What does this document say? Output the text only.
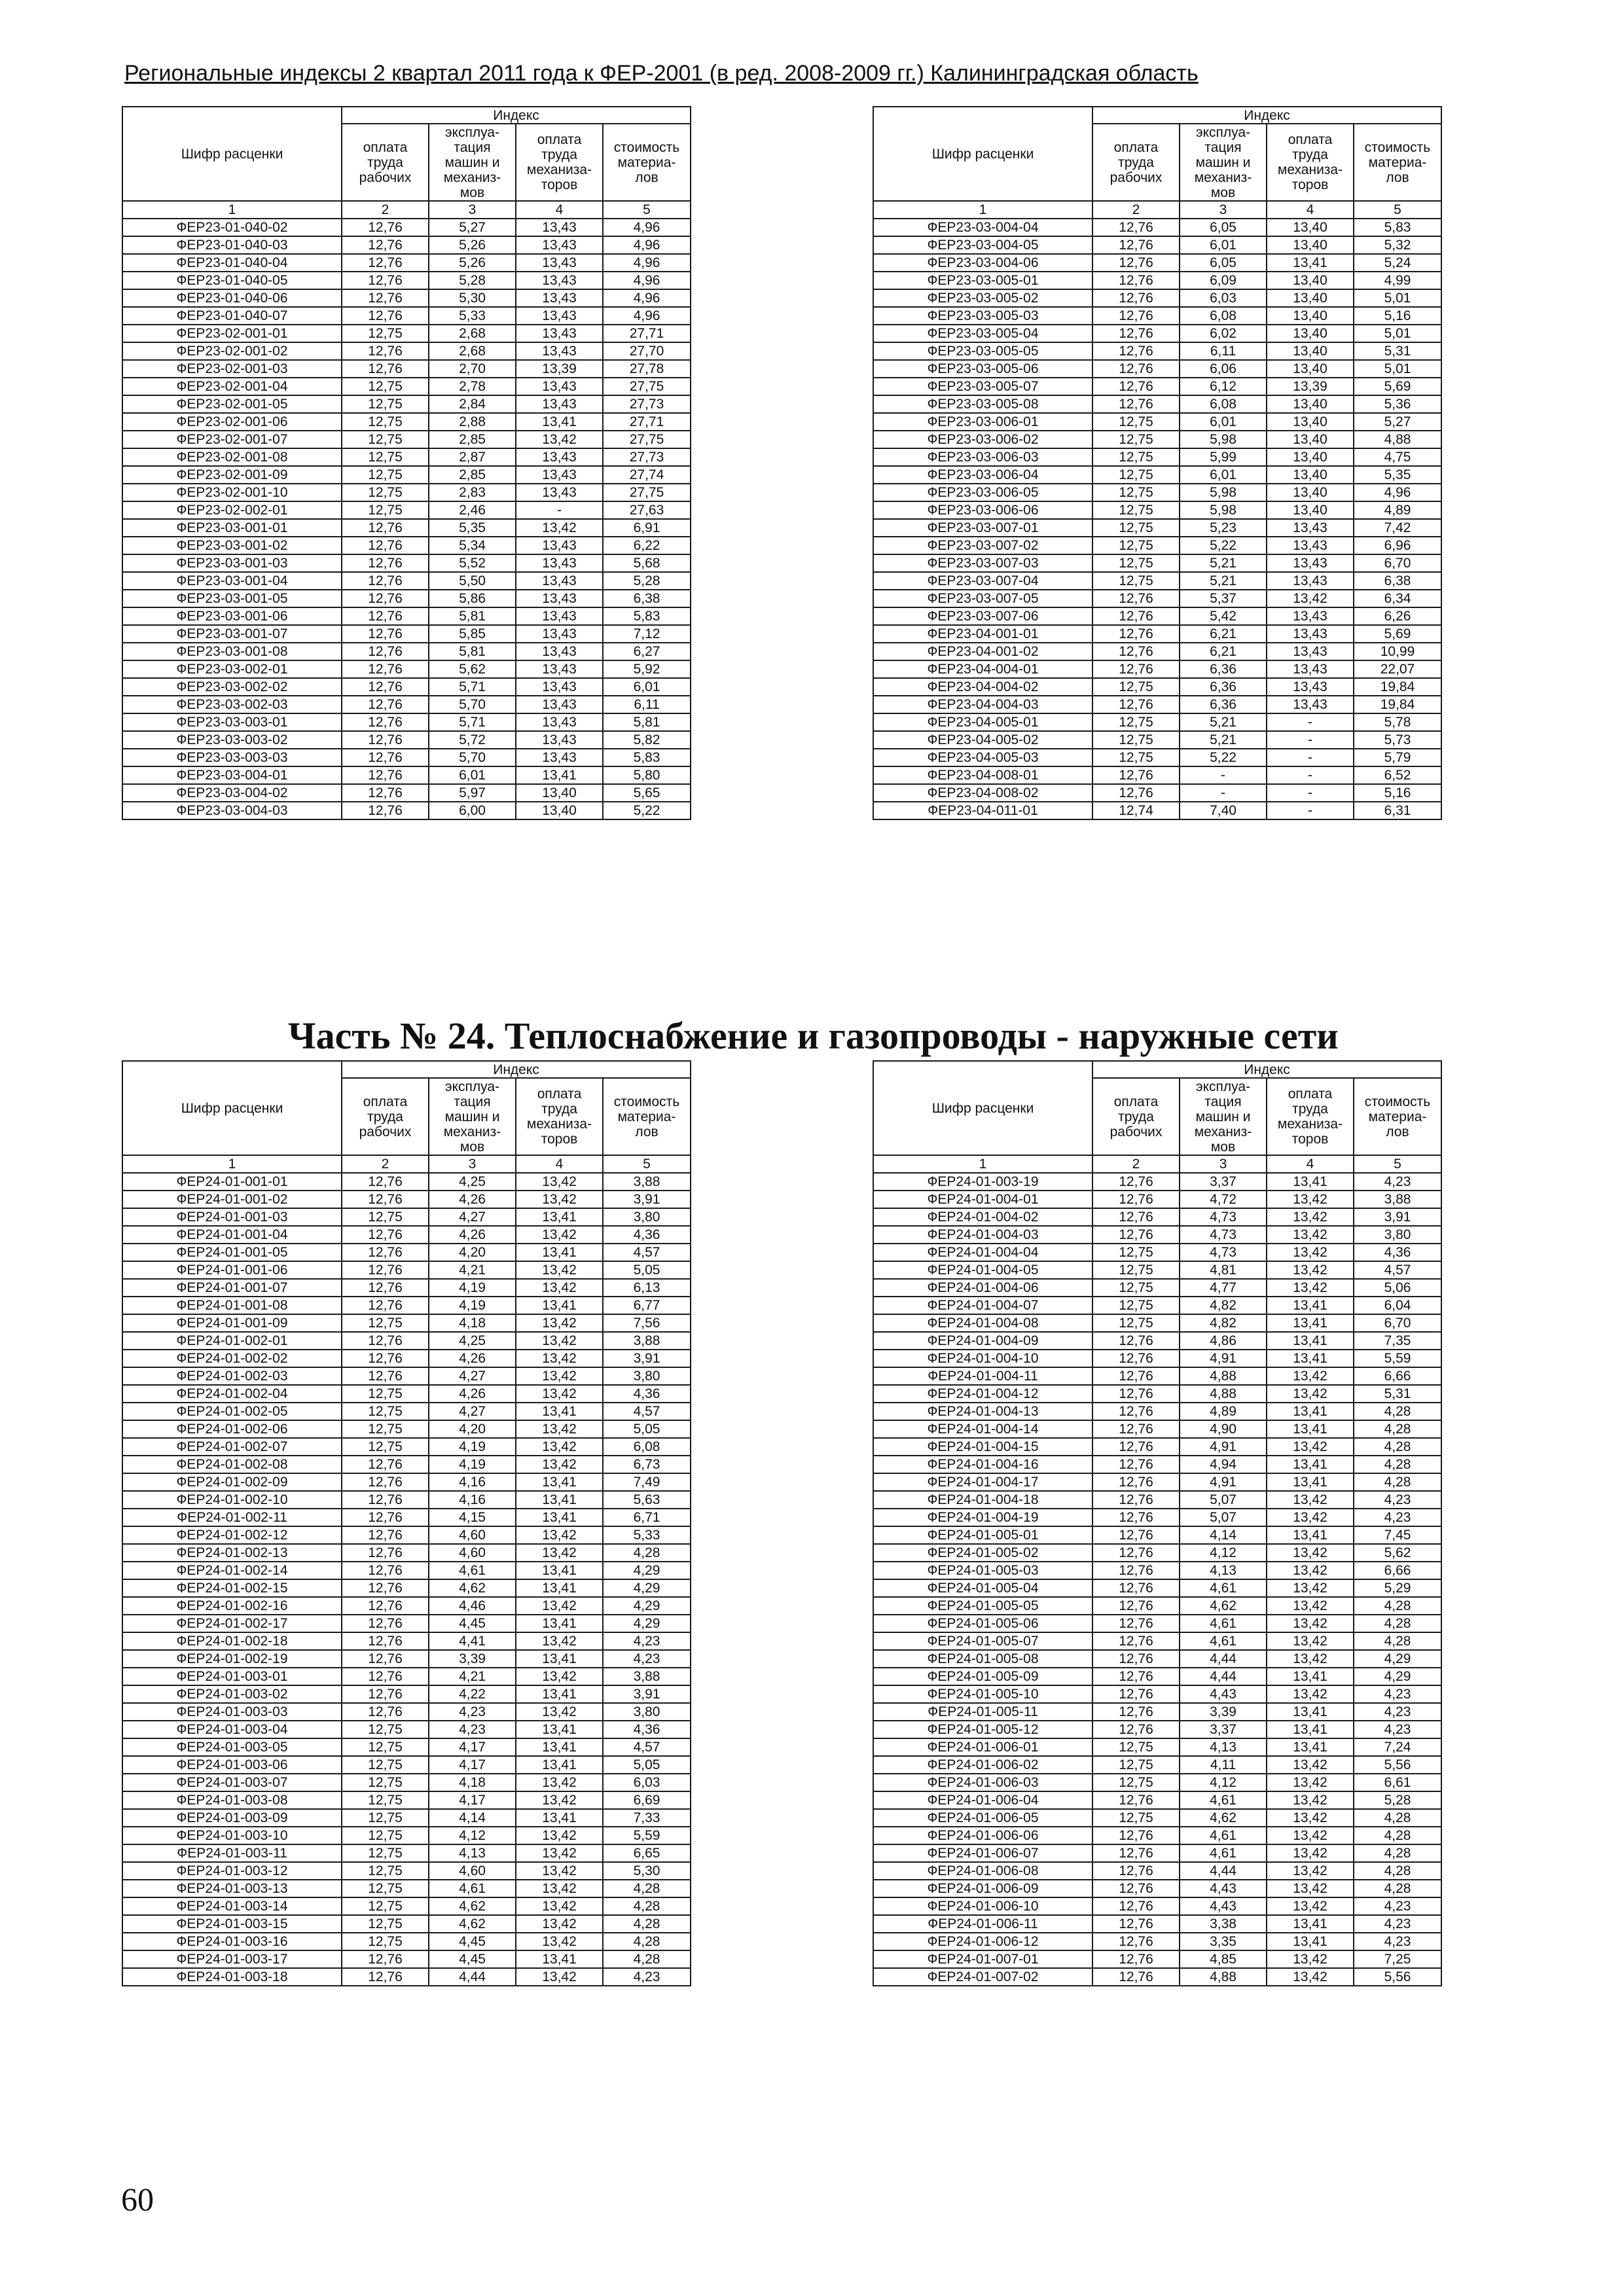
Региональные индексы 2 квартал 2011 года к ФЕР-2001 (в ред. 2008-2009 гг.) Калининградская область
Шифр расценки	Индекс			
	оплата труда рабочих	эксплуа- тация машин и механиз- мов	оплата труда механиза- торов	стоимость материа- лов
1	2	3	4	5
ФЕР23-01-040-02	12,76	5,27	13,43	4,96
ФЕР23-01-040-03	12,76	5,26	13,43	4,96
ФЕР23-01-040-04	12,76	5,26	13,43	4,96
ФЕР23-01-040-05	12,76	5,28	13,43	4,96
ФЕР23-01-040-06	12,76	5,30	13,43	4,96
ФЕР23-01-040-07	12,76	5,33	13,43	4,96
ФЕР23-02-001-01	12,75	2,68	13,43	27,71
ФЕР23-02-001-02	12,76	2,68	13,43	27,70
ФЕР23-02-001-03	12,76	2,70	13,39	27,78
ФЕР23-02-001-04	12,75	2,78	13,43	27,75
ФЕР23-02-001-05	12,75	2,84	13,43	27,73
ФЕР23-02-001-06	12,75	2,88	13,41	27,71
ФЕР23-02-001-07	12,75	2,85	13,42	27,75
ФЕР23-02-001-08	12,75	2,87	13,43	27,73
ФЕР23-02-001-09	12,75	2,85	13,43	27,74
ФЕР23-02-001-10	12,75	2,83	13,43	27,75
ФЕР23-02-002-01	12,75	2,46	-	27,63
ФЕР23-03-001-01	12,76	5,35	13,42	6,91
ФЕР23-03-001-02	12,76	5,34	13,43	6,22
ФЕР23-03-001-03	12,76	5,52	13,43	5,68
ФЕР23-03-001-04	12,76	5,50	13,43	5,28
ФЕР23-03-001-05	12,76	5,86	13,43	6,38
ФЕР23-03-001-06	12,76	5,81	13,43	5,83
ФЕР23-03-001-07	12,76	5,85	13,43	7,12
ФЕР23-03-001-08	12,76	5,81	13,43	6,27
ФЕР23-03-002-01	12,76	5,62	13,43	5,92
ФЕР23-03-002-02	12,76	5,71	13,43	6,01
ФЕР23-03-002-03	12,76	5,70	13,43	6,11
ФЕР23-03-003-01	12,76	5,71	13,43	5,81
ФЕР23-03-003-02	12,76	5,72	13,43	5,82
ФЕР23-03-003-03	12,76	5,70	13,43	5,83
ФЕР23-03-004-01	12,76	6,01	13,41	5,80
ФЕР23-03-004-02	12,76	5,97	13,40	5,65
ФЕР23-03-004-03	12,76	6,00	13,40	5,22
Шифр расценки	Индекс			
	оплата труда рабочих	эксплуа- тация машин и механиз- мов	оплата труда механиза- торов	стоимость материа- лов
1	2	3	4	5
ФЕР23-03-004-04	12,76	6,05	13,40	5,83
ФЕР23-03-004-05	12,76	6,01	13,40	5,32
ФЕР23-03-004-06	12,76	6,05	13,41	5,24
ФЕР23-03-005-01	12,76	6,09	13,40	4,99
ФЕР23-03-005-02	12,76	6,03	13,40	5,01
ФЕР23-03-005-03	12,76	6,08	13,40	5,16
ФЕР23-03-005-04	12,76	6,02	13,40	5,01
ФЕР23-03-005-05	12,76	6,11	13,40	5,31
ФЕР23-03-005-06	12,76	6,06	13,40	5,01
ФЕР23-03-005-07	12,76	6,12	13,39	5,69
ФЕР23-03-005-08	12,76	6,08	13,40	5,36
ФЕР23-03-006-01	12,75	6,01	13,40	5,27
ФЕР23-03-006-02	12,75	5,98	13,40	4,88
ФЕР23-03-006-03	12,75	5,99	13,40	4,75
ФЕР23-03-006-04	12,75	6,01	13,40	5,35
ФЕР23-03-006-05	12,75	5,98	13,40	4,96
ФЕР23-03-006-06	12,75	5,98	13,40	4,89
ФЕР23-03-007-01	12,75	5,23	13,43	7,42
ФЕР23-03-007-02	12,75	5,22	13,43	6,96
ФЕР23-03-007-03	12,75	5,21	13,43	6,70
ФЕР23-03-007-04	12,75	5,21	13,43	6,38
ФЕР23-03-007-05	12,76	5,37	13,42	6,34
ФЕР23-03-007-06	12,76	5,42	13,43	6,26
ФЕР23-04-001-01	12,76	6,21	13,43	5,69
ФЕР23-04-001-02	12,76	6,21	13,43	10,99
ФЕР23-04-004-01	12,76	6,36	13,43	22,07
ФЕР23-04-004-02	12,75	6,36	13,43	19,84
ФЕР23-04-004-03	12,76	6,36	13,43	19,84
ФЕР23-04-005-01	12,75	5,21	-	5,78
ФЕР23-04-005-02	12,75	5,21	-	5,73
ФЕР23-04-005-03	12,75	5,22	-	5,79
ФЕР23-04-008-01	12,76	-	-	6,52
ФЕР23-04-008-02	12,76	-	-	5,16
ФЕР23-04-011-01	12,74	7,40	-	6,31
Часть № 24. Теплоснабжение и газопроводы - наружные сети
Шифр расценки	Индекс			
	оплата труда рабочих	эксплуа- тация машин и механиз- мов	оплата труда механиза- торов	стоимость материа- лов
1	2	3	4	5
ФЕР24-01-001-01	12,76	4,25	13,42	3,88
ФЕР24-01-001-02	12,76	4,26	13,42	3,91
ФЕР24-01-001-03	12,75	4,27	13,41	3,80
ФЕР24-01-001-04	12,76	4,26	13,42	4,36
ФЕР24-01-001-05	12,76	4,20	13,41	4,57
ФЕР24-01-001-06	12,76	4,21	13,42	5,05
ФЕР24-01-001-07	12,76	4,19	13,42	6,13
ФЕР24-01-001-08	12,76	4,19	13,41	6,77
ФЕР24-01-001-09	12,75	4,18	13,42	7,56
ФЕР24-01-002-01	12,76	4,25	13,42	3,88
ФЕР24-01-002-02	12,76	4,26	13,42	3,91
ФЕР24-01-002-03	12,76	4,27	13,42	3,80
ФЕР24-01-002-04	12,75	4,26	13,42	4,36
ФЕР24-01-002-05	12,75	4,27	13,41	4,57
ФЕР24-01-002-06	12,75	4,20	13,42	5,05
ФЕР24-01-002-07	12,75	4,19	13,42	6,08
ФЕР24-01-002-08	12,76	4,19	13,42	6,73
ФЕР24-01-002-09	12,76	4,16	13,41	7,49
ФЕР24-01-002-10	12,76	4,16	13,41	5,63
ФЕР24-01-002-11	12,76	4,15	13,41	6,71
ФЕР24-01-002-12	12,76	4,60	13,42	5,33
ФЕР24-01-002-13	12,76	4,60	13,42	4,28
ФЕР24-01-002-14	12,76	4,61	13,41	4,29
ФЕР24-01-002-15	12,76	4,62	13,41	4,29
ФЕР24-01-002-16	12,76	4,46	13,42	4,29
ФЕР24-01-002-17	12,76	4,45	13,41	4,29
ФЕР24-01-002-18	12,76	4,41	13,42	4,23
ФЕР24-01-002-19	12,76	3,39	13,41	4,23
ФЕР24-01-003-01	12,76	4,21	13,42	3,88
ФЕР24-01-003-02	12,76	4,22	13,41	3,91
ФЕР24-01-003-03	12,76	4,23	13,42	3,80
ФЕР24-01-003-04	12,75	4,23	13,41	4,36
ФЕР24-01-003-05	12,75	4,17	13,41	4,57
ФЕР24-01-003-06	12,75	4,17	13,41	5,05
ФЕР24-01-003-07	12,75	4,18	13,42	6,03
ФЕР24-01-003-08	12,75	4,17	13,42	6,69
ФЕР24-01-003-09	12,75	4,14	13,41	7,33
ФЕР24-01-003-10	12,75	4,12	13,42	5,59
ФЕР24-01-003-11	12,75	4,13	13,42	6,65
ФЕР24-01-003-12	12,75	4,60	13,42	5,30
ФЕР24-01-003-13	12,75	4,61	13,42	4,28
ФЕР24-01-003-14	12,75	4,62	13,42	4,28
ФЕР24-01-003-15	12,75	4,62	13,42	4,28
ФЕР24-01-003-16	12,75	4,45	13,42	4,28
ФЕР24-01-003-17	12,76	4,45	13,41	4,28
ФЕР24-01-003-18	12,76	4,44	13,42	4,23
Шифр расценки	Индекс			
	оплата труда рабочих	эксплуа- тация машин и механиз- мов	оплата труда механиза- торов	стоимость материа- лов
1	2	3	4	5
ФЕР24-01-003-19	12,76	3,37	13,41	4,23
ФЕР24-01-004-01	12,76	4,72	13,42	3,88
ФЕР24-01-004-02	12,76	4,73	13,42	3,91
ФЕР24-01-004-03	12,76	4,73	13,42	3,80
ФЕР24-01-004-04	12,75	4,73	13,42	4,36
ФЕР24-01-004-05	12,75	4,81	13,42	4,57
ФЕР24-01-004-06	12,75	4,77	13,42	5,06
ФЕР24-01-004-07	12,75	4,82	13,41	6,04
ФЕР24-01-004-08	12,75	4,82	13,41	6,70
ФЕР24-01-004-09	12,76	4,86	13,41	7,35
ФЕР24-01-004-10	12,76	4,91	13,41	5,59
ФЕР24-01-004-11	12,76	4,88	13,42	6,66
ФЕР24-01-004-12	12,76	4,88	13,42	5,31
ФЕР24-01-004-13	12,76	4,89	13,41	4,28
ФЕР24-01-004-14	12,76	4,90	13,41	4,28
ФЕР24-01-004-15	12,76	4,91	13,42	4,28
ФЕР24-01-004-16	12,76	4,94	13,41	4,28
ФЕР24-01-004-17	12,76	4,91	13,41	4,28
ФЕР24-01-004-18	12,76	5,07	13,42	4,23
ФЕР24-01-004-19	12,76	5,07	13,42	4,23
ФЕР24-01-005-01	12,76	4,14	13,41	7,45
ФЕР24-01-005-02	12,76	4,12	13,42	5,62
ФЕР24-01-005-03	12,76	4,13	13,42	6,66
ФЕР24-01-005-04	12,76	4,61	13,42	5,29
ФЕР24-01-005-05	12,76	4,62	13,42	4,28
ФЕР24-01-005-06	12,76	4,61	13,42	4,28
ФЕР24-01-005-07	12,76	4,61	13,42	4,28
ФЕР24-01-005-08	12,76	4,44	13,42	4,29
ФЕР24-01-005-09	12,76	4,44	13,41	4,29
ФЕР24-01-005-10	12,76	4,43	13,42	4,23
ФЕР24-01-005-11	12,76	3,39	13,41	4,23
ФЕР24-01-005-12	12,76	3,37	13,41	4,23
ФЕР24-01-006-01	12,75	4,13	13,41	7,24
ФЕР24-01-006-02	12,75	4,11	13,42	5,56
ФЕР24-01-006-03	12,75	4,12	13,42	6,61
ФЕР24-01-006-04	12,76	4,61	13,42	5,28
ФЕР24-01-006-05	12,75	4,62	13,42	4,28
ФЕР24-01-006-06	12,76	4,61	13,42	4,28
ФЕР24-01-006-07	12,76	4,61	13,42	4,28
ФЕР24-01-006-08	12,76	4,44	13,42	4,28
ФЕР24-01-006-09	12,76	4,43	13,42	4,28
ФЕР24-01-006-10	12,76	4,43	13,42	4,23
ФЕР24-01-006-11	12,76	3,38	13,41	4,23
ФЕР24-01-006-12	12,76	3,35	13,41	4,23
ФЕР24-01-007-01	12,76	4,85	13,42	7,25
ФЕР24-01-007-02	12,76	4,88	13,42	5,56
60
